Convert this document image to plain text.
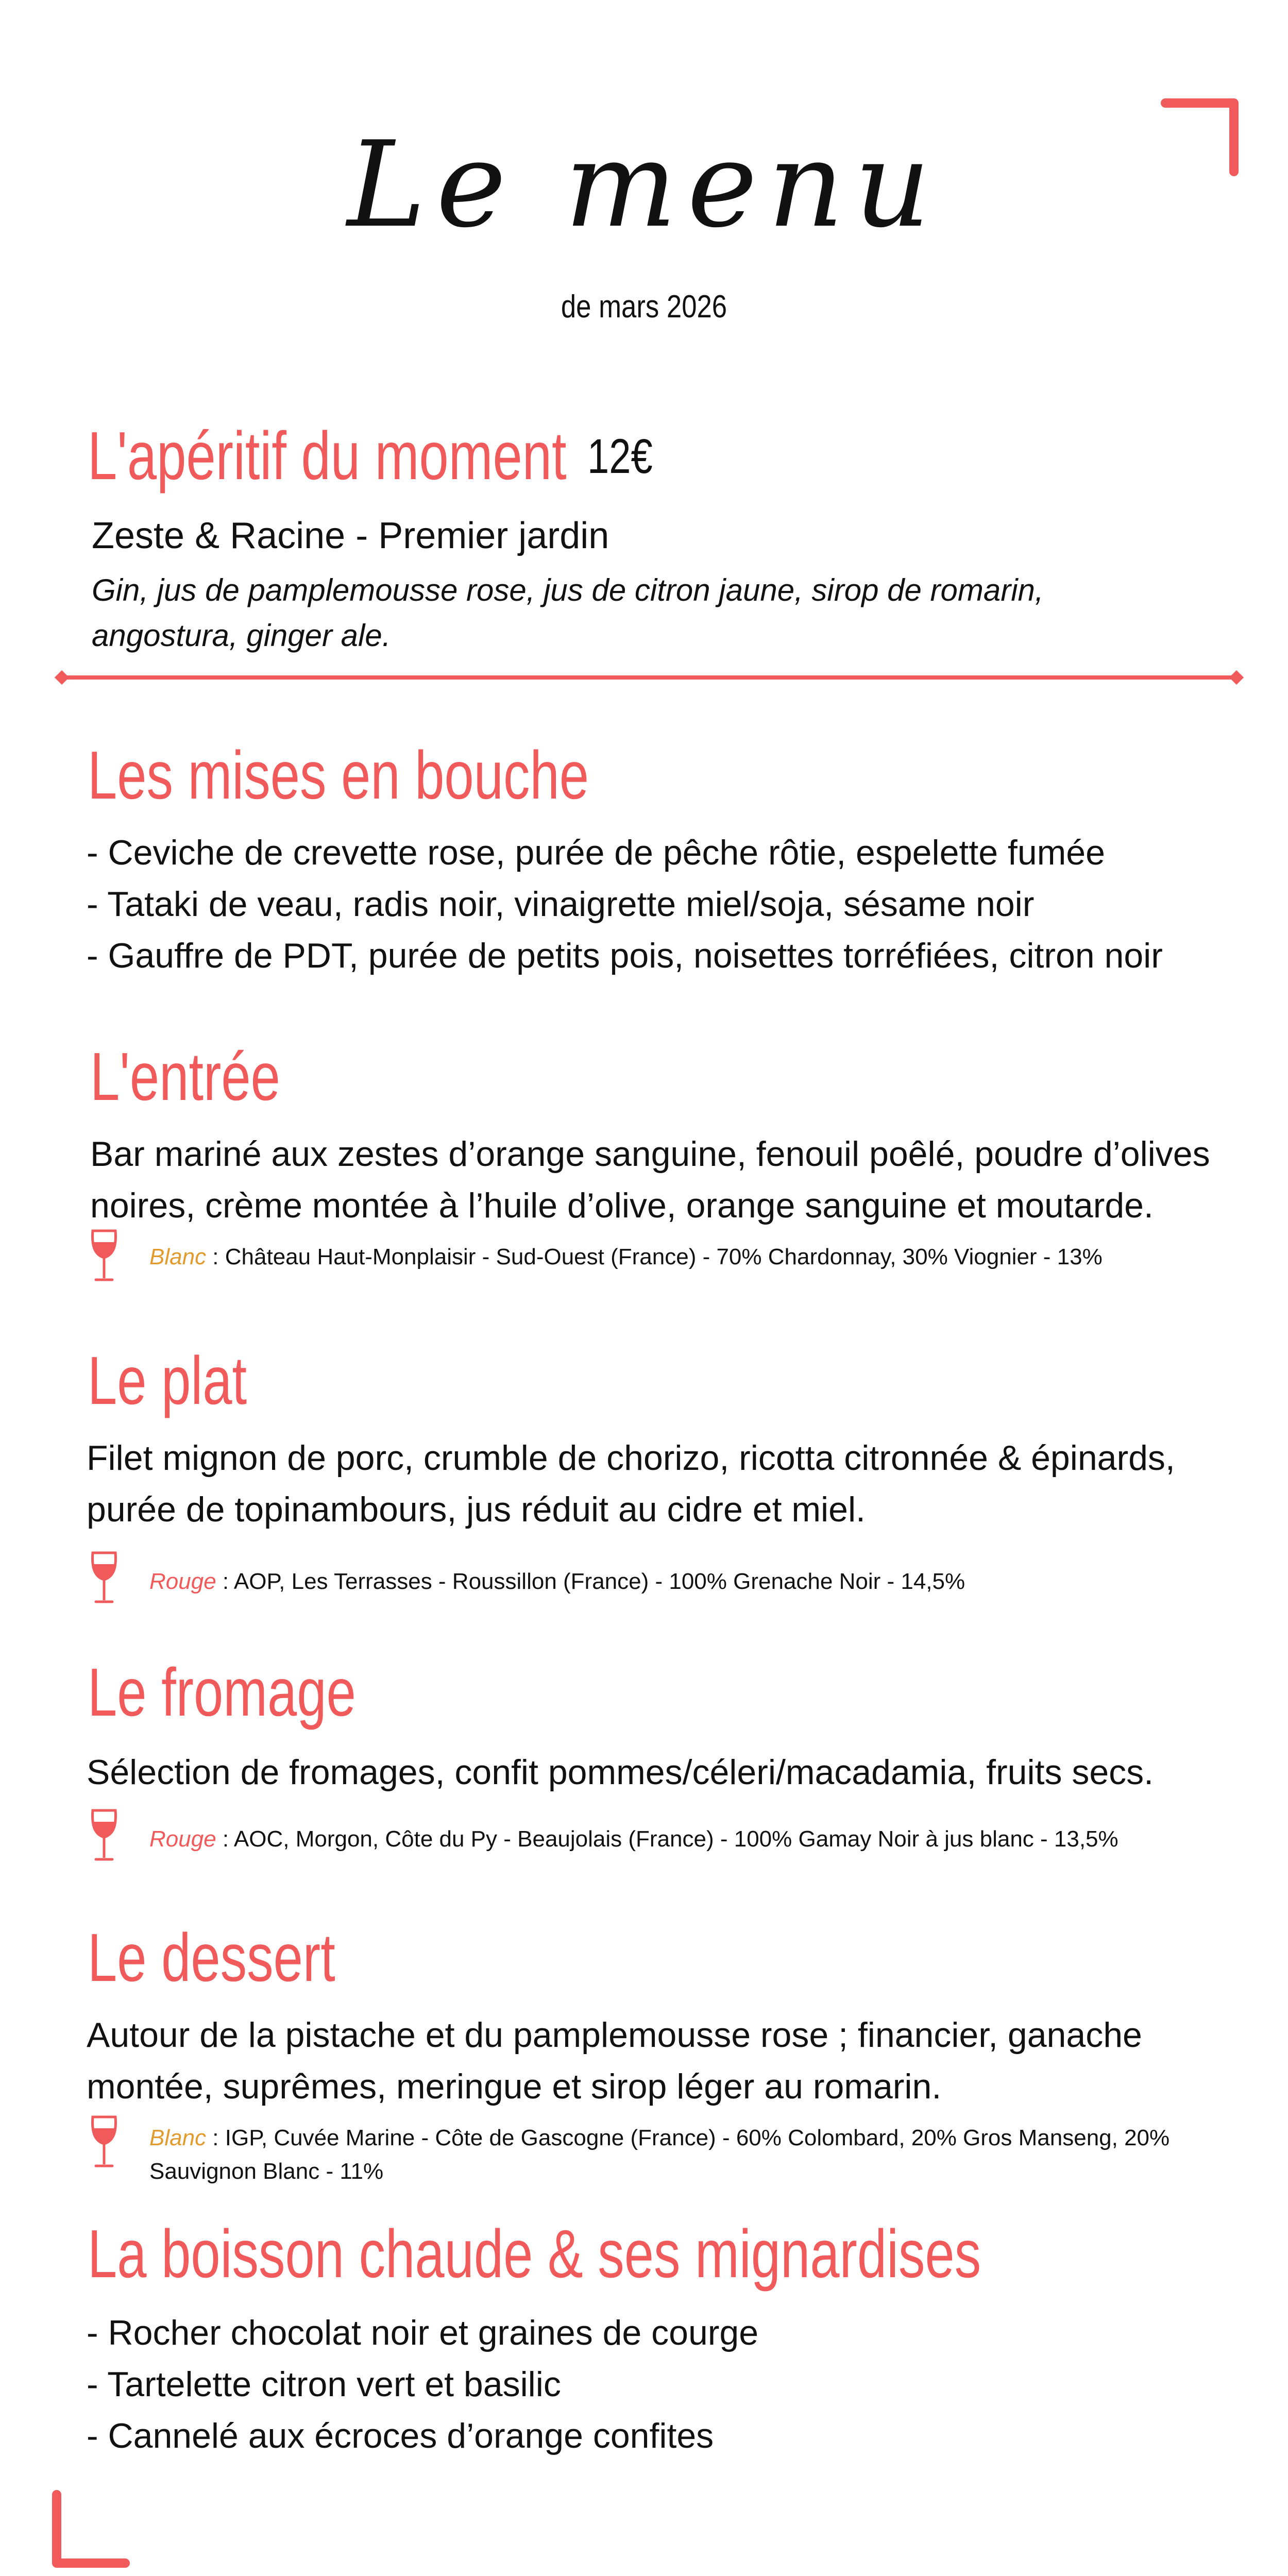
Le menu
de mars 2026
L'apéritif du moment 12€
Zeste & Racine - Premier jardin
Gin, jus de pamplemousse rose, jus de citron jaune, sirop de romarin,
angostura, ginger ale.
Les mises en bouche
- Ceviche de crevette rose, purée de pêche rôtie, espelette fumée
- Tataki de veau, radis noir, vinaigrette miel/soja, sésame noir
- Gauffre de PDT, purée de petits pois, noisettes torréfiées, citron noir
L'entrée
Bar mariné aux zestes d’orange sanguine, fenouil poêlé, poudre d’olives
noires, crème montée à l’huile d’olive, orange sanguine et moutarde.
Blanc : Château Haut-Monplaisir - Sud-Ouest (France) - 70% Chardonnay, 30% Viognier - 13%
Le plat
Filet mignon de porc, crumble de chorizo, ricotta citronnée & épinards,
purée de topinambours, jus réduit au cidre et miel.
Rouge : AOP, Les Terrasses - Roussillon (France) - 100% Grenache Noir - 14,5%
Le fromage
Sélection de fromages, confit pommes/céleri/macadamia, fruits secs.
Rouge : AOC, Morgon, Côte du Py - Beaujolais (France) - 100% Gamay Noir à jus blanc - 13,5%
Le dessert
Autour de la pistache et du pamplemousse rose ; financier, ganache
montée, suprêmes, meringue et sirop léger au romarin.
Blanc : IGP, Cuvée Marine - Côte de Gascogne (France) - 60% Colombard, 20% Gros Manseng, 20%
Sauvignon Blanc - 11%
La boisson chaude & ses mignardises
- Rocher chocolat noir et graines de courge
- Tartelette citron vert et basilic
- Cannelé aux écroces d’orange confites
